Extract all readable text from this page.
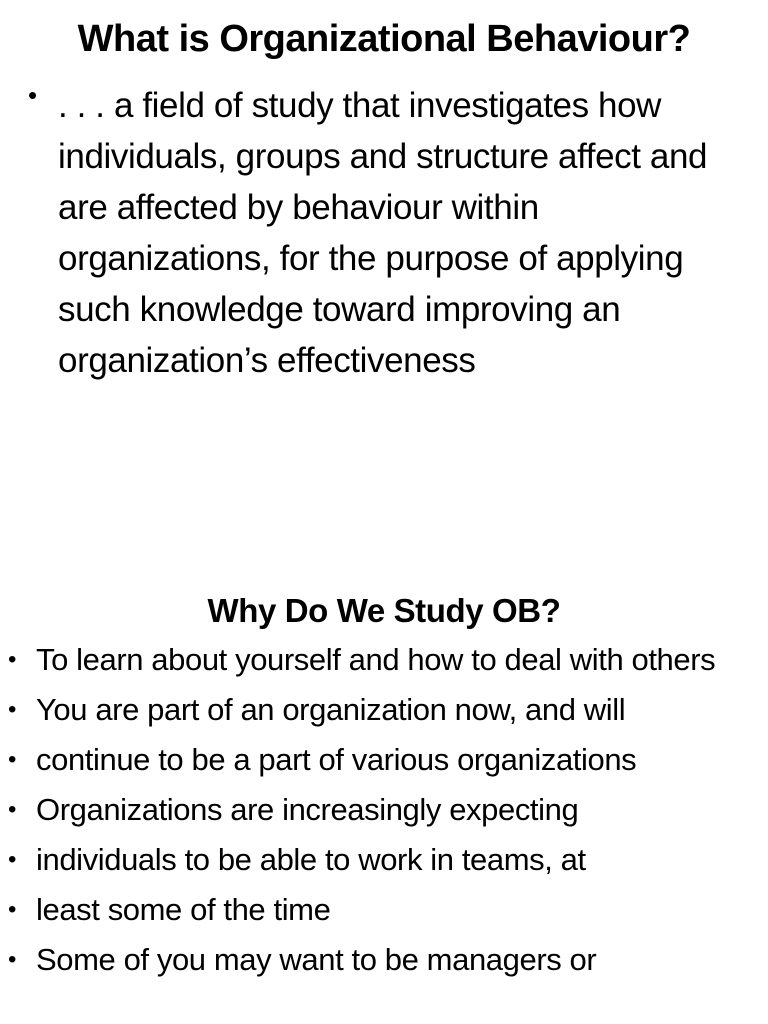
What is Organizational Behaviour?
• . . . a field of study that investigates how individuals, groups and structure affect and are affected by behaviour within organizations, for the purpose of applying such knowledge toward improving an organization’s effectiveness

Why Do We Study OB?
• To learn about yourself and how to deal with others
• You are part of an organization now, and will
• continue to be a part of various organizations
• Organizations are increasingly expecting
• individuals to be able to work in teams, at
• least some of the time
• Some of you may want to be managers or
